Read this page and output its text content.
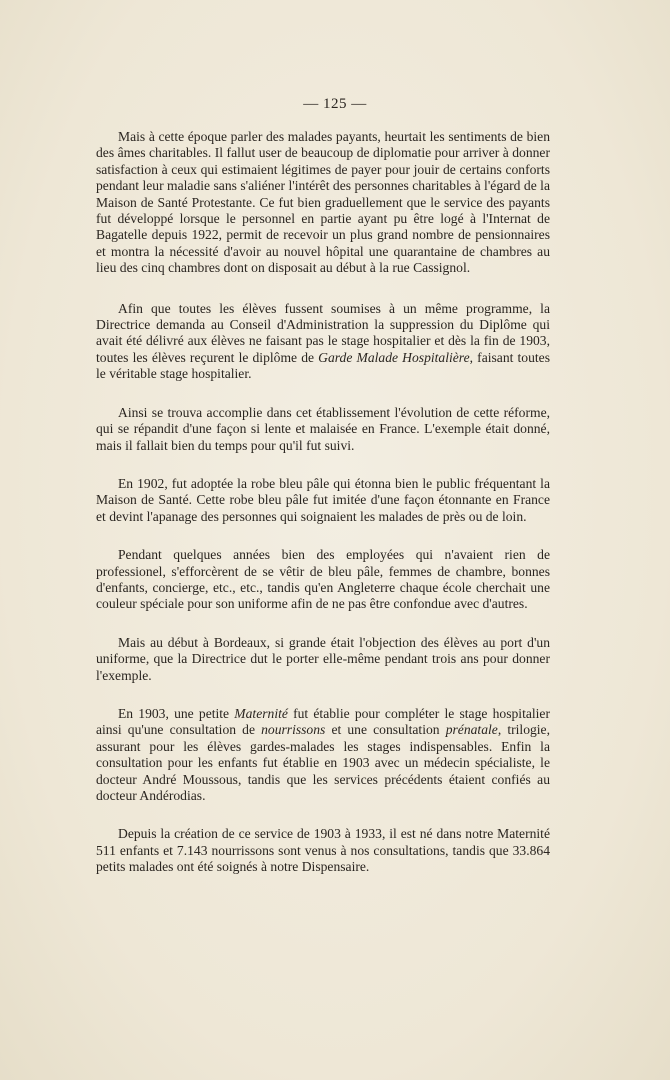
— 125 —

Mais à cette époque parler des malades payants, heurtait les sentiments de bien des âmes charitables. Il fallut user de beaucoup de diplomatie pour arriver à donner satisfaction à ceux qui estimaient légitimes de payer pour jouir de certains conforts pendant leur maladie sans s'aliéner l'intérêt des personnes charitables à l'égard de la Maison de Santé Protestante. Ce fut bien graduellement que le service des payants fut développé lorsque le personnel en partie ayant pu être logé à l'Internat de Bagatelle depuis 1922, permit de recevoir un plus grand nombre de pensionnaires et montra la nécessité d'avoir au nouvel hôpital une quarantaine de chambres au lieu des cinq chambres dont on disposait au début à la rue Cassignol.

Afin que toutes les élèves fussent soumises à un même programme, la Directrice demanda au Conseil d'Administration la suppression du Diplôme qui avait été délivré aux élèves ne faisant pas le stage hospitalier et dès la fin de 1903, toutes les élèves reçurent le diplôme de Garde Malade Hospitalière, faisant toutes le véritable stage hospitalier.

Ainsi se trouva accomplie dans cet établissement l'évolution de cette réforme, qui se répandit d'une façon si lente et malaisée en France. L'exemple était donné, mais il fallait bien du temps pour qu'il fut suivi.

En 1902, fut adoptée la robe bleu pâle qui étonna bien le public fréquentant la Maison de Santé. Cette robe bleu pâle fut imitée d'une façon étonnante en France et devint l'apanage des personnes qui soignaient les malades de près ou de loin.

Pendant quelques années bien des employées qui n'avaient rien de professionel, s'efforcèrent de se vêtir de bleu pâle, femmes de chambre, bonnes d'enfants, concierge, etc., etc., tandis qu'en Angleterre chaque école cherchait une couleur spéciale pour son uniforme afin de ne pas être confondue avec d'autres.

Mais au début à Bordeaux, si grande était l'objection des élèves au port d'un uniforme, que la Directrice dut le porter elle-même pendant trois ans pour donner l'exemple.

En 1903, une petite Maternité fut établie pour compléter le stage hospitalier ainsi qu'une consultation de nourrissons et une consultation prénatale, trilogie, assurant pour les élèves gardes-malades les stages indispensables. Enfin la consultation pour les enfants fut établie en 1903 avec un médecin spécialiste, le docteur André Moussous, tandis que les services précédents étaient confiés au docteur Andérodias.

Depuis la création de ce service de 1903 à 1933, il est né dans notre Maternité 511 enfants et 7.143 nourrissons sont venus à nos consultations, tandis que 33.864 petits malades ont été soignés à notre Dispensaire.
